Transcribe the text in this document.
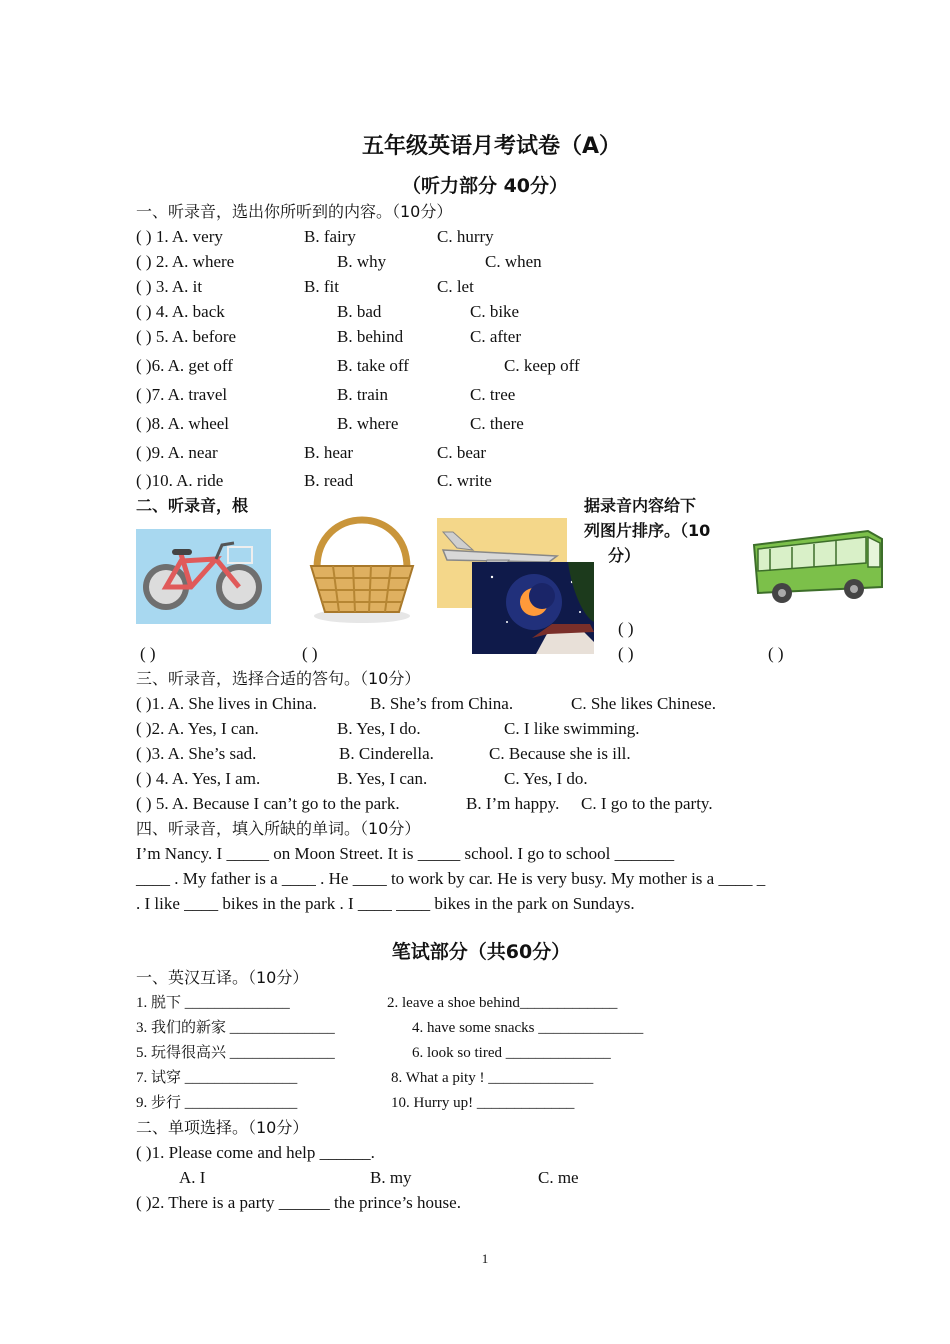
五年级英语月考试卷（A）
（听力部分 40分）
一、听录音，选出你所听到的内容。（10分）
( ) 1. A. very	B. fairy	C. hurry
( ) 2. A. where	B. why	C. when
( ) 3. A. it	B. fit	C. let
( ) 4. A. back	B. bad	C. bike
( ) 5. A. before	B. behind	C. after
( )6. A. get off	B. take off	C. keep off
( )7. A. travel	B. train	C. tree
( )8. A. wheel	B. where	C. there
( )9. A. near	B. hear	C. bear
( )10. A. ride	B. read	C. write
二、听录音，根	据录音内容给下
列图片排序。（10
分）
( )	( )
( )
( )	( )
三、听录音，选择合适的答句。（10分）
( )1. A. She lives in China.	B. She’s from China.	C. She likes Chinese.
( )2. A. Yes, I can.	B. Yes, I do.	C. I like swimming.
( )3. A. She’s sad.	B. Cinderella.	C. Because she is ill.
( ) 4. A. Yes, I am.	B. Yes, I can.	C. Yes, I do.
( ) 5. A. Because I can’t go to the park.	B. I’m happy. C. I go to the party.
四、听录音，填入所缺的单词。（10分）
I’m Nancy. I _____ on Moon Street. It is _____ school. I go to school _______
____ . My father is a ____ . He ____ to work by car. He is very busy. My mother is a ____ _
. I like ____ bikes in the park . I ____ ____ bikes in the park on Sundays.
笔试部分（共60分）
一、英汉互译。（10分）
1. 脱下 ______________	2. leave a shoe behind_____________
3. 我们的新家 ______________	4. have some snacks ______________
5. 玩得很高兴 ______________	6. look so tired ______________
7. 试穿 _______________	8. What a pity ! ______________
9. 步行 _______________	10. Hurry up! _____________
二、单项选择。（10分）
( )1. Please come and help ______.
A. I	B. my	C. me
( )2. There is a party ______ the prince’s house.
1
